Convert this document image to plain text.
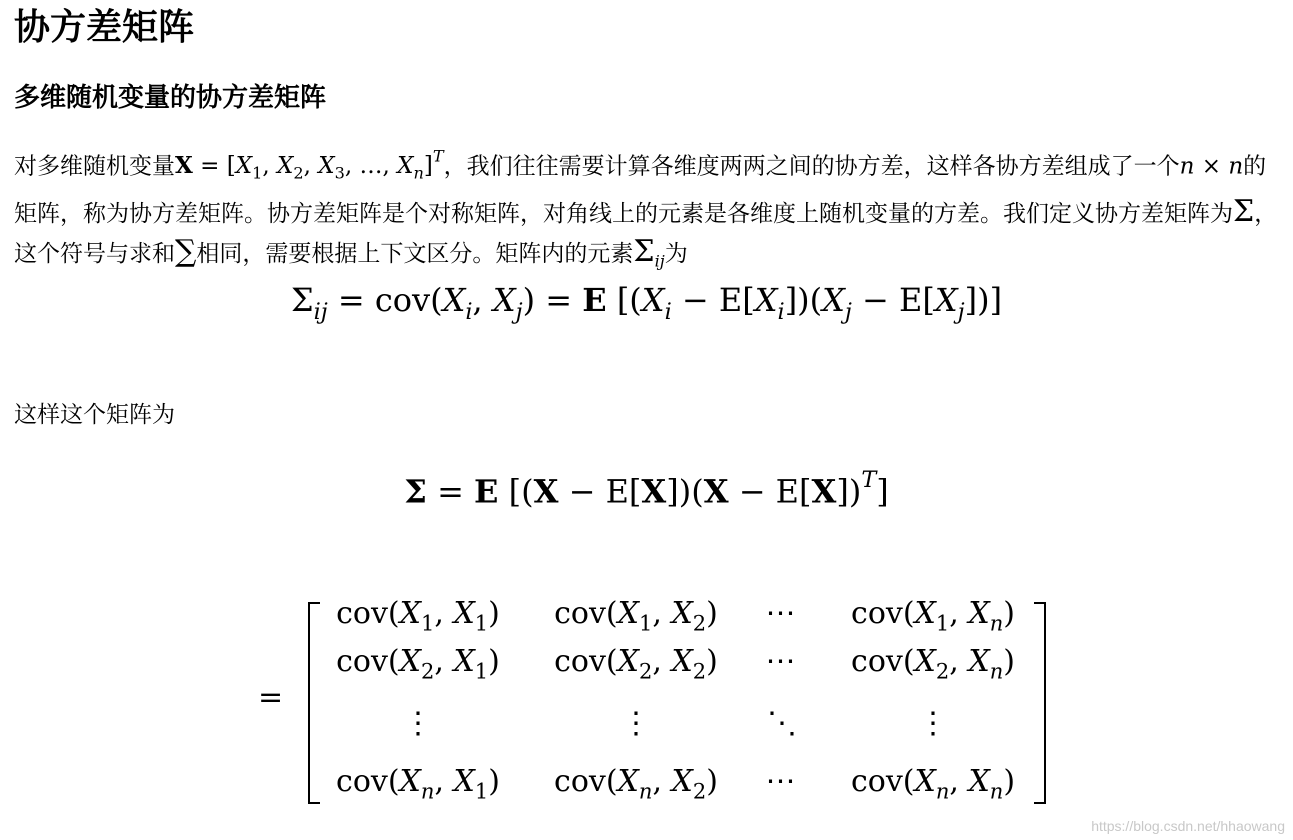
协方差矩阵
多维随机变量的协方差矩阵
对多维随机变量$X = [X_1$, $X_2$, $X_3$, …, $X_n]^T$，我们往往需要计算各维度两两之间的协方差，这样各协方差组成了一个n × n的矩阵，称为协方差矩阵。协方差矩阵是个对称矩阵，对角线上的元素是各维度上随机变量的方差。我们定义协方差矩阵为Σ，这个符号与求和∑相同，需要根据上下文区分。矩阵内的元素$\Sigma_{ij}$为
$\Sigma_{ij} = cov(X_i$, $X_j) = E$ $[(X_i - E[X_i])(X_j - E[X_j])]$
这样这个矩阵为
Σ = E $[(X - E[X])(X - E[X])^T]$
=
$cov(X_1$, $X_1$)	$cov(X_1$, $X_2$)	⋯	$cov(X_1$, $X_n$)
$cov(X_2$, $X_1$)	$cov(X_2$, $X_2$)	⋯	$cov(X_2$, $X_n$)
⋮	⋮	⋱	⋮
$cov(X_n$, $X_1$)	$cov(X_n$, $X_2$)	⋯	$cov(X_n$, $X_n$)
https://blog.csdn.net/hhaowang
